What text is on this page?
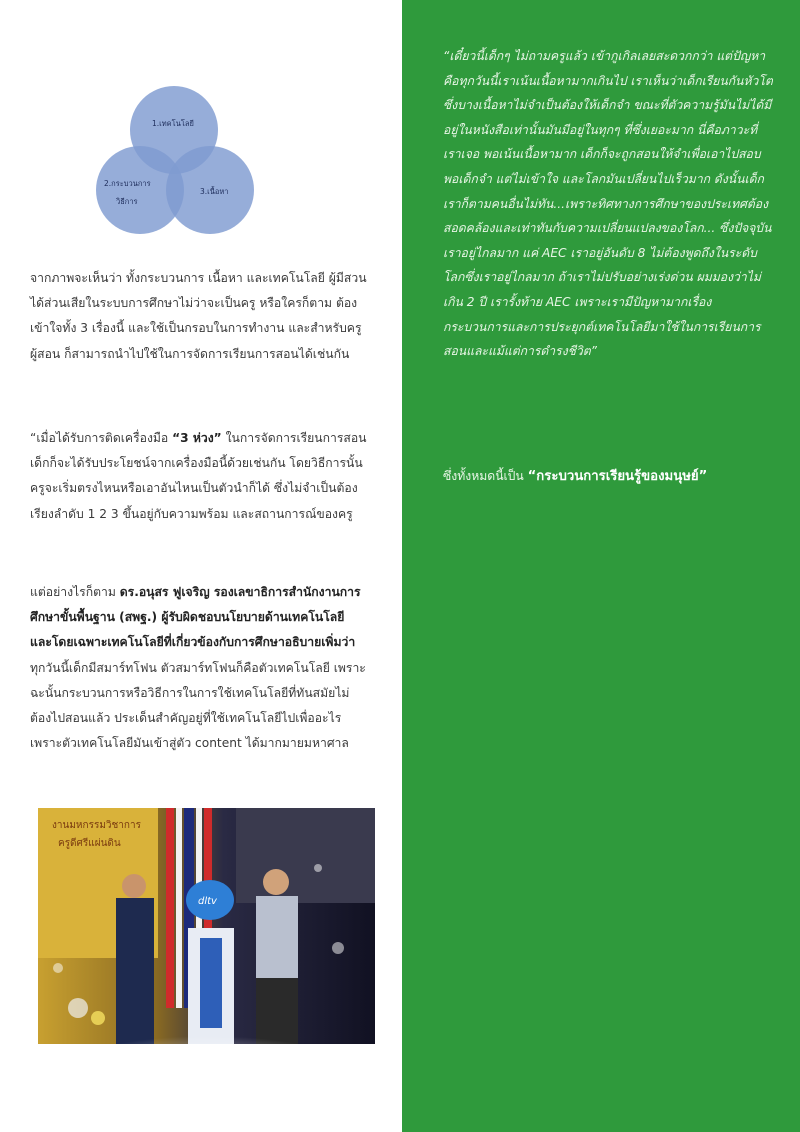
1.เทคโนโลยี
2.กระบวนการ
วิธีการ
3.เนื้อหา

จากภาพจะเห็นว่า ทั้งกระบวนการ เนื้อหา และเทคโนโลยี ผู้มีสวนได้ส่วนเสียในระบบการศึกษาไม่ว่าจะเป็นครู หรือใครก็ตาม ต้องเข้าใจทั้ง 3 เรื่องนี้ และใช้เป็นกรอบในการทำงาน และสำหรับครูผู้สอน ก็สามารถนำไปใช้ในการจัดการเรียนการสอนได้เช่นกัน

“เมื่อได้รับการติดเครื่องมือ “3 ห่วง” ในการจัดการเรียนการสอนเด็กก็จะได้รับประโยชน์จากเครื่องมือนี้ด้วยเช่นกัน โดยวิธีการนั้น ครูจะเริ่มตรงไหนหรือเอาอันไหนเป็นตัวนำก็ได้ ซึ่งไม่จำเป็นต้องเรียงลำดับ 1 2 3 ขึ้นอยู่กับความพร้อม และสถานการณ์ของครู

แต่อย่างไรก็ตาม ดร.อนุสร ฟูเจริญ รองเลขาธิการสำนักงานการศึกษาขั้นพื้นฐาน (สพฐ.) ผู้รับผิดชอบนโยบายด้านเทคโนโลยี และโดยเฉพาะเทคโนโลยีที่เกี่ยวข้องกับการศึกษาอธิบายเพิ่มว่า ทุกวันนี้เด็กมีสมาร์ทโฟน ตัวสมาร์ทโฟนก็คือตัวเทคโนโลยี เพราะฉะนั้นกระบวนการหรือวิธีการในการใช้เทคโนโลยีที่ทันสมัยไม่ต้องไปสอนแล้ว ประเด็นสำคัญอยู่ที่ใช้เทคโนโลยีไปเพื่ออะไร เพราะตัวเทคโนโลยีมันเข้าสู่ตัว content ได้มากมายมหาศาล

งานมหกรรมวิชาการ
ครูดีศรีแผ่นดิน
dltv

“เดี๋ยวนี้เด็กๆ ไม่ถามครูแล้ว เข้ากูเกิลเลยสะดวกกว่า แต่ปัญหาคือทุกวันนี้เราเน้นเนื้อหามากเกินไป เราเห็นว่าเด็กเรียนกันหัวโต ซึ่งบางเนื้อหาไม่จำเป็นต้องให้เด็กจำ ขณะที่ตัวความรู้มันไม่ได้มีอยู่ในหนังสือเท่านั้นมันมีอยู่ในทุกๆ ที่ซึ่งเยอะมาก นี่คือภาวะที่เราเจอ พอเน้นเนื้อหามาก เด็กก็จะถูกสอนให้จำเพื่อเอาไปสอบ พอเด็กจำ แต่ไม่เข้าใจ และโลกมันเปลี่ยนไปเร็วมาก ดังนั้นเด็กเราก็ตามคนอื่นไม่ทัน...เพราะทิศทางการศึกษาของประเทศต้องสอดคล้องและเท่าทันกับความเปลี่ยนแปลงของโลก... ซึ่งปัจจุบันเราอยู่ไกลมาก แค่ AEC เราอยู่อันดับ 8 ไม่ต้องพูดถึงในระดับโลกซึ่งเราอยู่ไกลมาก ถ้าเราไม่ปรับอย่างเร่งด่วน ผมมองว่าไม่เกิน 2 ปี เรารั้งท้าย AEC เพราะเรามีปัญหามากเรื่องกระบวนการและการประยุกต์เทคโนโลยีมาใช้ในการเรียนการสอนและแม้แต่การดำรงชีวิต”

ซึ่งทั้งหมดนี้เป็น “กระบวนการเรียนรู้ของมนุษย์”
